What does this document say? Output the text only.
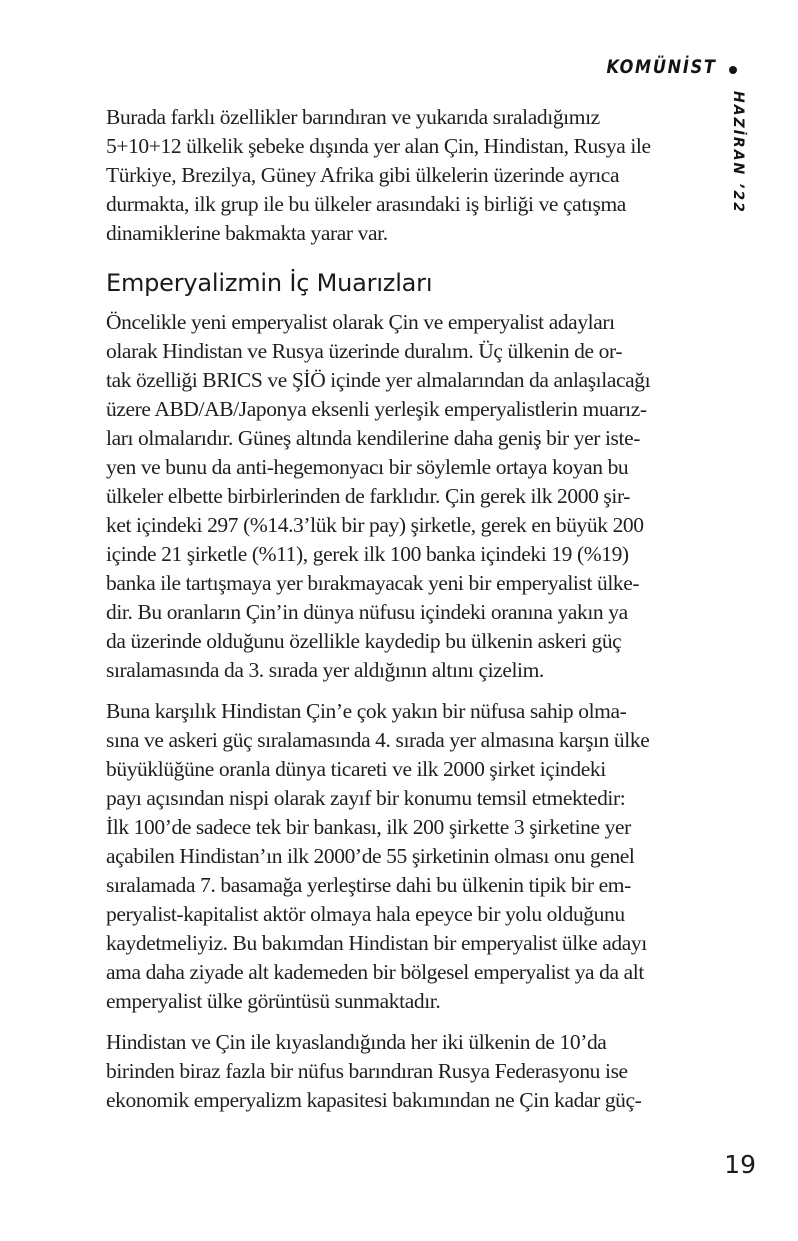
KOMÜNİST
HAZİRAN ’22
Burada farklı özellikler barındıran ve yukarıda sıraladığımız
5+10+12 ülkelik şebeke dışında yer alan Çin, Hindistan, Rusya ile
Türkiye, Brezilya, Güney Afrika gibi ülkelerin üzerinde ayrıca
durmakta, ilk grup ile bu ülkeler arasındaki iş birliği ve çatışma
dinamiklerine bakmakta yarar var.
Emperyalizmin İç Muarızları
Öncelikle yeni emperyalist olarak Çin ve emperyalist adayları
olarak Hindistan ve Rusya üzerinde duralım. Üç ülkenin de or-
tak özelliği BRICS ve ŞİÖ içinde yer almalarından da anlaşılacağı
üzere ABD/AB/Japonya eksenli yerleşik emperyalistlerin muarız-
ları olmalarıdır. Güneş altında kendilerine daha geniş bir yer iste-
yen ve bunu da anti-hegemonyacı bir söylemle ortaya koyan bu
ülkeler elbette birbirlerinden de farklıdır. Çin gerek ilk 2000 şir-
ket içindeki 297 (%14.3’lük bir pay) şirketle, gerek en büyük 200
içinde 21 şirketle (%11), gerek ilk 100 banka içindeki 19 (%19)
banka ile tartışmaya yer bırakmayacak yeni bir emperyalist ülke-
dir. Bu oranların Çin’in dünya nüfusu içindeki oranına yakın ya
da üzerinde olduğunu özellikle kaydedip bu ülkenin askeri güç
sıralamasında da 3. sırada yer aldığının altını çizelim.
Buna karşılık Hindistan Çin’e çok yakın bir nüfusa sahip olma-
sına ve askeri güç sıralamasında 4. sırada yer almasına karşın ülke
büyüklüğüne oranla dünya ticareti ve ilk 2000 şirket içindeki
payı açısından nispi olarak zayıf bir konumu temsil etmektedir:
İlk 100’de sadece tek bir bankası, ilk 200 şirkette 3 şirketine yer
açabilen Hindistan’ın ilk 2000’de 55 şirketinin olması onu genel
sıralamada 7. basamağa yerleştirse dahi bu ülkenin tipik bir em-
peryalist-kapitalist aktör olmaya hala epeyce bir yolu olduğunu
kaydetmeliyiz. Bu bakımdan Hindistan bir emperyalist ülke adayı
ama daha ziyade alt kademeden bir bölgesel emperyalist ya da alt
emperyalist ülke görüntüsü sunmaktadır.
Hindistan ve Çin ile kıyaslandığında her iki ülkenin de 10’da
birinden biraz fazla bir nüfus barındıran Rusya Federasyonu ise
ekonomik emperyalizm kapasitesi bakımından ne Çin kadar güç-
19
